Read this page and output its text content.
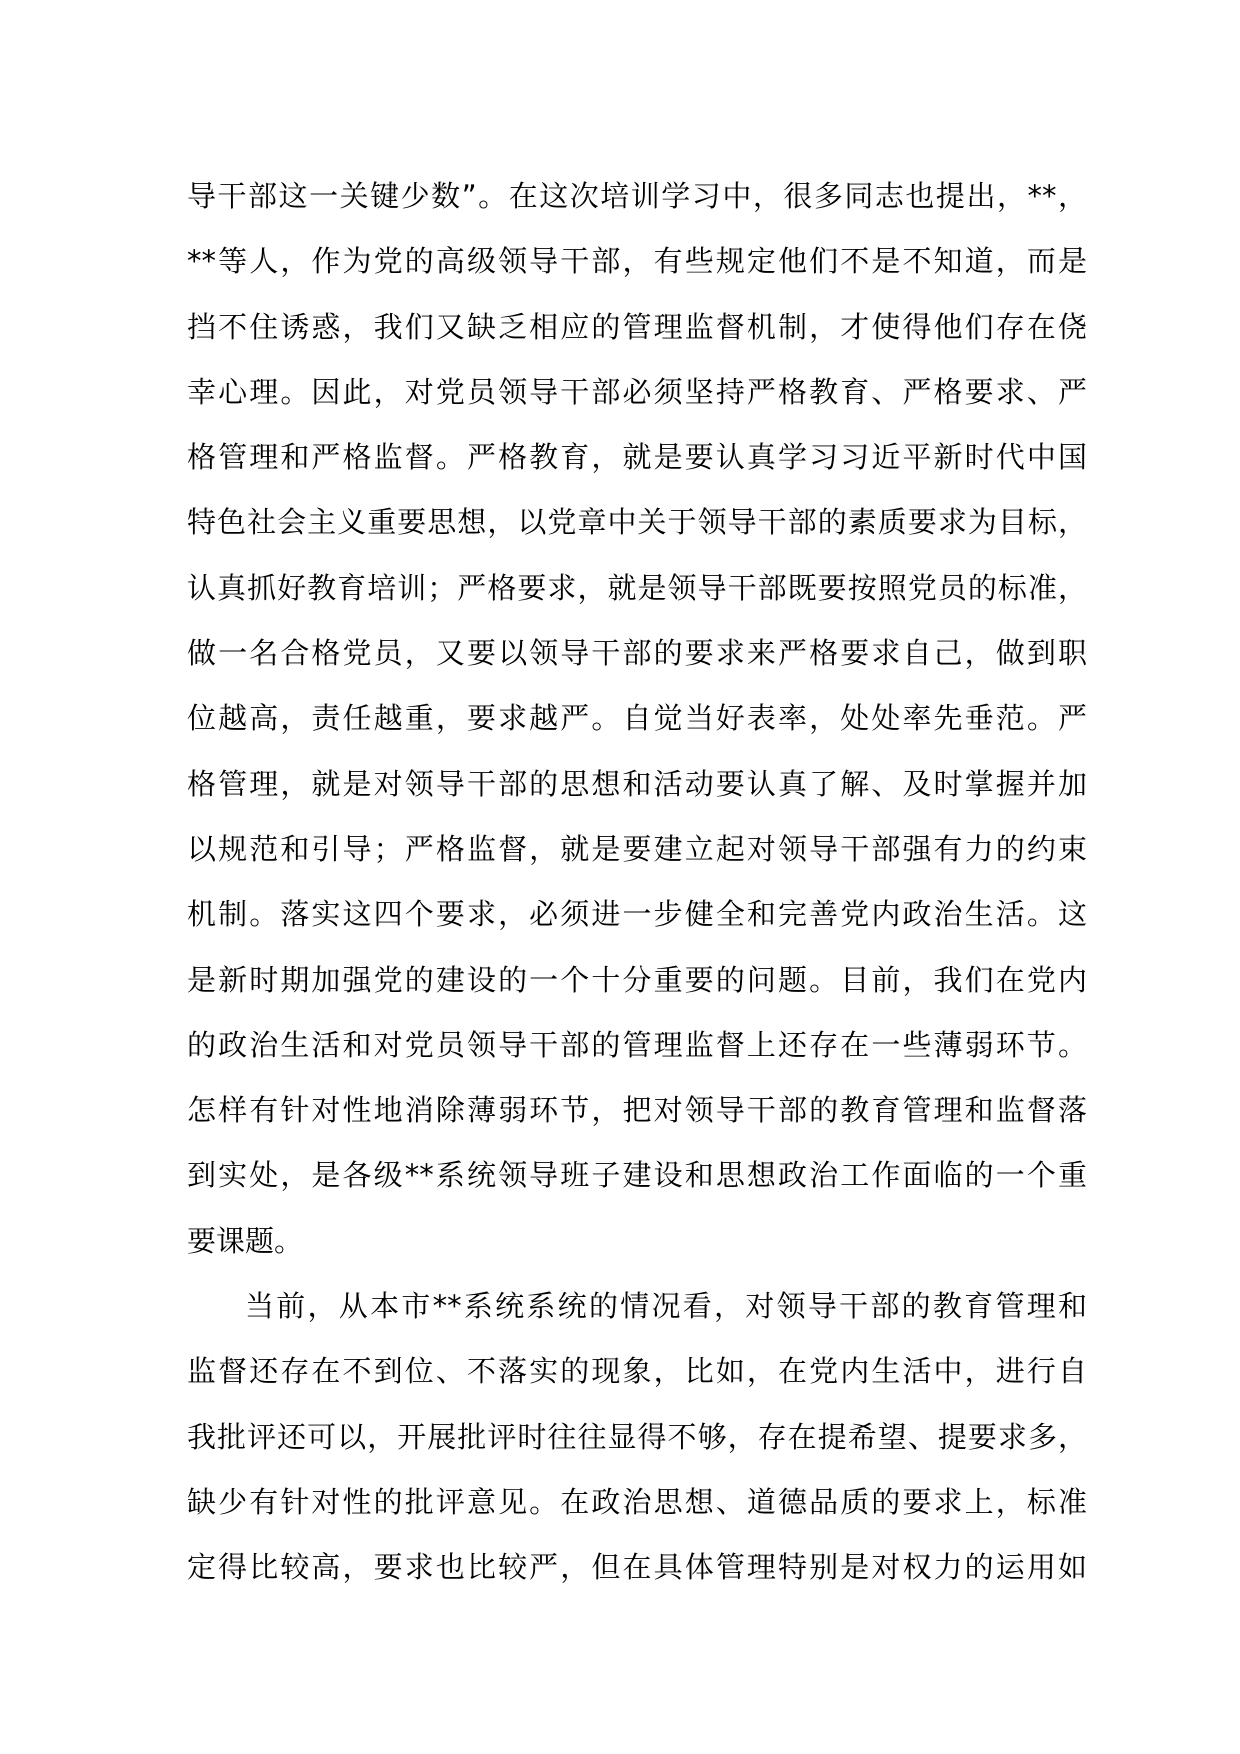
导干部这一关键少数”。在这次培训学习中，很多同志也提出，**，
**等人，作为党的高级领导干部，有些规定他们不是不知道，而是
挡不住诱惑，我们又缺乏相应的管理监督机制，才使得他们存在侥
幸心理。因此，对党员领导干部必须坚持严格教育、严格要求、严
格管理和严格监督。严格教育，就是要认真学习习近平新时代中国
特色社会主义重要思想，以党章中关于领导干部的素质要求为目标，
认真抓好教育培训；严格要求，就是领导干部既要按照党员的标准，
做一名合格党员，又要以领导干部的要求来严格要求自己，做到职
位越高，责任越重，要求越严。自觉当好表率，处处率先垂范。严
格管理，就是对领导干部的思想和活动要认真了解、及时掌握并加
以规范和引导；严格监督，就是要建立起对领导干部强有力的约束
机制。落实这四个要求，必须进一步健全和完善党内政治生活。这
是新时期加强党的建设的一个十分重要的问题。目前，我们在党内
的政治生活和对党员领导干部的管理监督上还存在一些薄弱环节。
怎样有针对性地消除薄弱环节，把对领导干部的教育管理和监督落
到实处，是各级**系统领导班子建设和思想政治工作面临的一个重
要课题。
当前，从本市**系统系统的情况看，对领导干部的教育管理和
监督还存在不到位、不落实的现象，比如，在党内生活中，进行自
我批评还可以，开展批评时往往显得不够，存在提希望、提要求多，
缺少有针对性的批评意见。在政治思想、道德品质的要求上，标准
定得比较高，要求也比较严，但在具体管理特别是对权力的运用如
